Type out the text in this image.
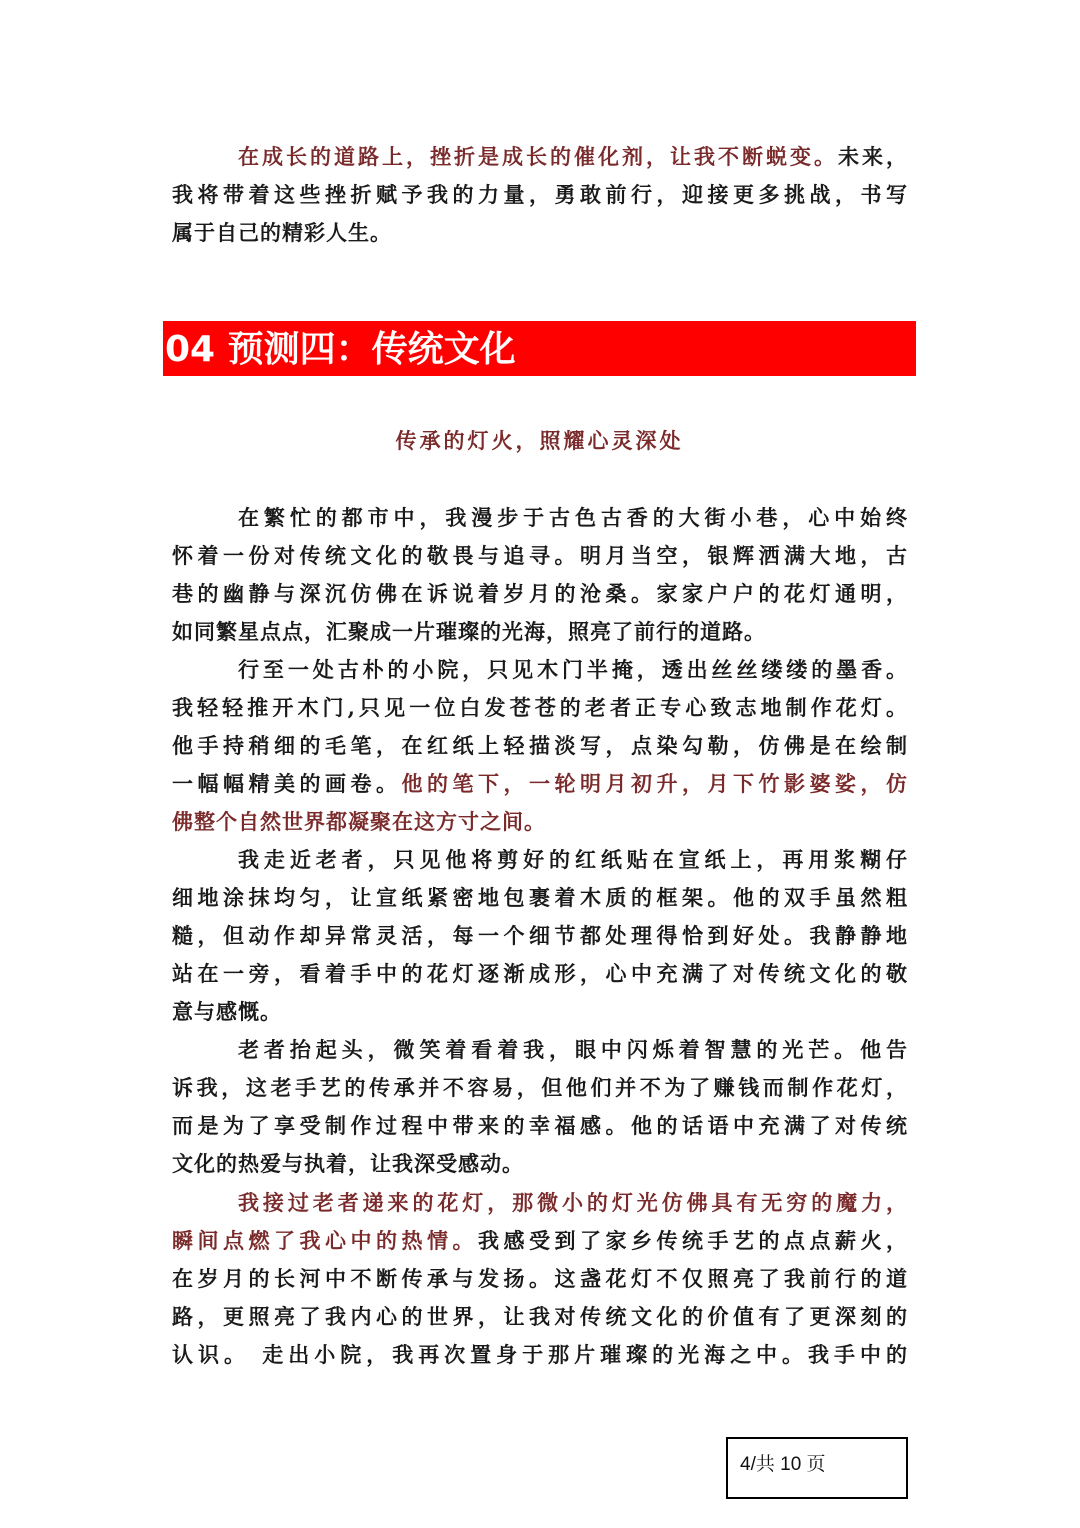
在成长的道路上，挫折是成长的催化剂，让我不断蜕变。未来，
我将带着这些挫折赋予我的力量，勇敢前行，迎接更多挑战，书写
属于自己的精彩人生。
04 预测四：传统文化
传承的灯火，照耀心灵深处
在繁忙的都市中，我漫步于古色古香的大街小巷，心中始终
怀着一份对传统文化的敬畏与追寻。明月当空，银辉洒满大地，古
巷的幽静与深沉仿佛在诉说着岁月的沧桑。家家户户的花灯通明，
如同繁星点点，汇聚成一片璀璨的光海，照亮了前行的道路。
行至一处古朴的小院，只见木门半掩，透出丝丝缕缕的墨香。
我轻轻推开木门,只见一位白发苍苍的老者正专心致志地制作花灯。
他手持稍细的毛笔，在红纸上轻描淡写，点染勾勒，仿佛是在绘制
一幅幅精美的画卷。他的笔下，一轮明月初升，月下竹影婆娑，仿
佛整个自然世界都凝聚在这方寸之间。
我走近老者，只见他将剪好的红纸贴在宣纸上，再用浆糊仔
细地涂抹均匀，让宣纸紧密地包裹着木质的框架。他的双手虽然粗
糙，但动作却异常灵活，每一个细节都处理得恰到好处。我静静地
站在一旁，看着手中的花灯逐渐成形，心中充满了对传统文化的敬
意与感慨。
老者抬起头，微笑着看着我，眼中闪烁着智慧的光芒。他告
诉我，这老手艺的传承并不容易，但他们并不为了赚钱而制作花灯，
而是为了享受制作过程中带来的幸福感。他的话语中充满了对传统
文化的热爱与执着，让我深受感动。
我接过老者递来的花灯，那微小的灯光仿佛具有无穷的魔力，
瞬间点燃了我心中的热情。我感受到了家乡传统手艺的点点薪火，
在岁月的长河中不断传承与发扬。这盏花灯不仅照亮了我前行的道
路，更照亮了我内心的世界，让我对传统文化的价值有了更深刻的
认识。 走出小院，我再次置身于那片璀璨的光海之中。我手中的
4/共 10 页
